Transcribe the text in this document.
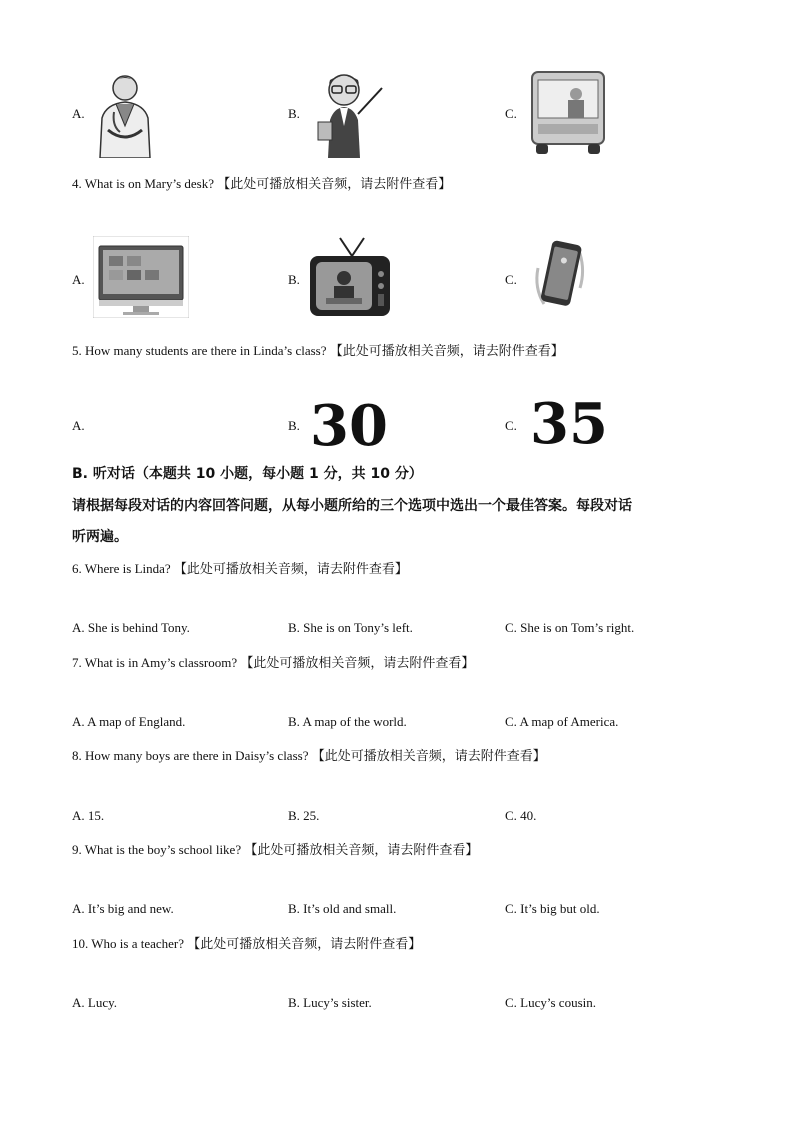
A.	B.	C.
4. What is on Mary’s desk? 【此处可播放相关音频，请去附件查看】
A.	B.	C.
5. How many students are there in Linda’s class? 【此处可播放相关音频，请去附件查看】
A.	B. 30	C. 35
B. 听对话（本题共 10 小题，每小题 1 分，共 10 分）
请根据每段对话的内容回答问题，从每小题所给的三个选项中选出一个最佳答案。每段对话
听两遍。
6. Where is Linda? 【此处可播放相关音频，请去附件查看】
A. She is behind Tony.	B. She is on Tony’s left.	C. She is on Tom’s right.
7. What is in Amy’s classroom? 【此处可播放相关音频，请去附件查看】
A. A map of England.	B. A map of the world.	C. A map of America.
8. How many boys are there in Daisy’s class? 【此处可播放相关音频，请去附件查看】
A. 15.	B. 25.	C. 40.
9. What is the boy’s school like? 【此处可播放相关音频，请去附件查看】
A. It’s big and new.	B. It’s old and small.	C. It’s big but old.
10. Who is a teacher? 【此处可播放相关音频，请去附件查看】
A. Lucy.	B. Lucy’s sister.	C. Lucy’s cousin.
